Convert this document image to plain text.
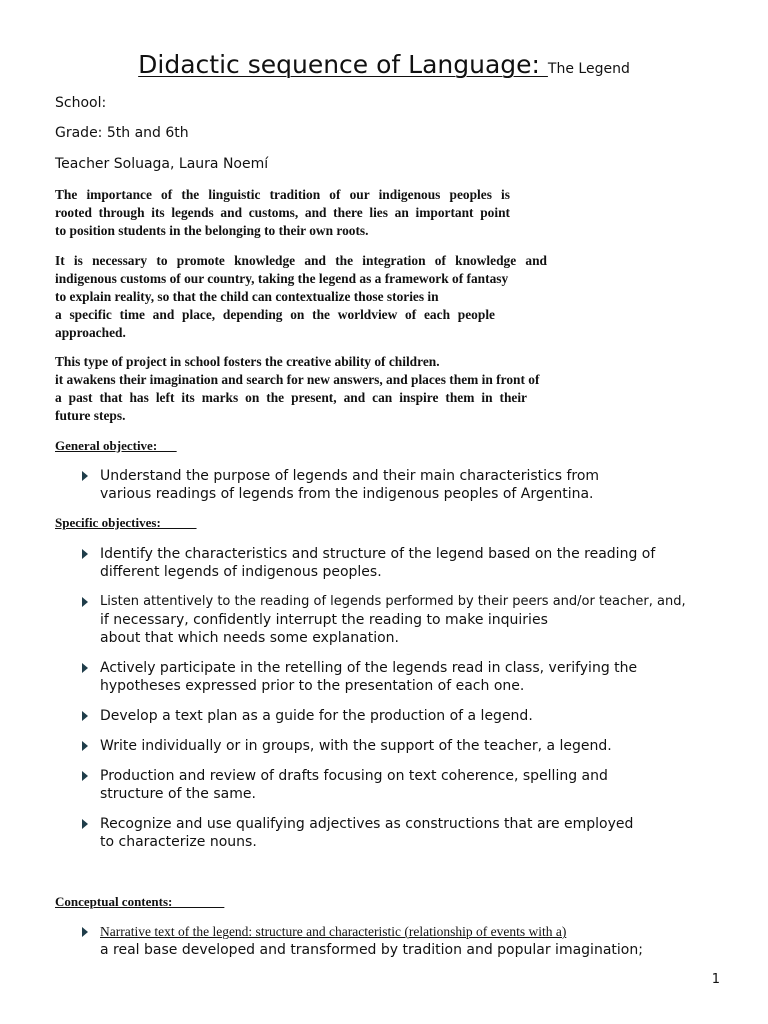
Didactic sequence of Language: The Legend
School:
Grade: 5th and 6th
Teacher Soluaga, Laura Noemí

The importance of the linguistic tradition of our indigenous peoples is

rooted through its legends and customs, and there lies an important point

to position students in the belonging to their own roots.

It is necessary to promote knowledge and the integration of knowledge and

indigenous customs of our country, taking the legend as a framework of fantasy

to explain reality, so that the child can contextualize those stories in

a specific time and place, depending on the worldview of each people

approached.

This type of project in school fosters the creative ability of children.

it awakens their imagination and search for new answers, and places them in front of

a past that has left its marks on the present, and can inspire them in their

future steps.

General objective:
Understand the purpose of legends and their main characteristics from
various readings of legends from the indigenous peoples of Argentina.
Specific objectives:
Identify the characteristics and structure of the legend based on the reading of
different legends of indigenous peoples.
Listen attentively to the reading of legends performed by their peers and/or teacher, and,
if necessary, confidently interrupt the reading to make inquiries
about that which needs some explanation.
Actively participate in the retelling of the legends read in class, verifying the
hypotheses expressed prior to the presentation of each one.
Develop a text plan as a guide for the production of a legend.
Write individually or in groups, with the support of the teacher, a legend.
Production and review of drafts focusing on text coherence, spelling and
structure of the same.
Recognize and use qualifying adjectives as constructions that are employed
to characterize nouns.
Conceptual contents:
Narrative text of the legend: structure and characteristic (relationship of events with a)
a real base developed and transformed by tradition and popular imagination;
1
